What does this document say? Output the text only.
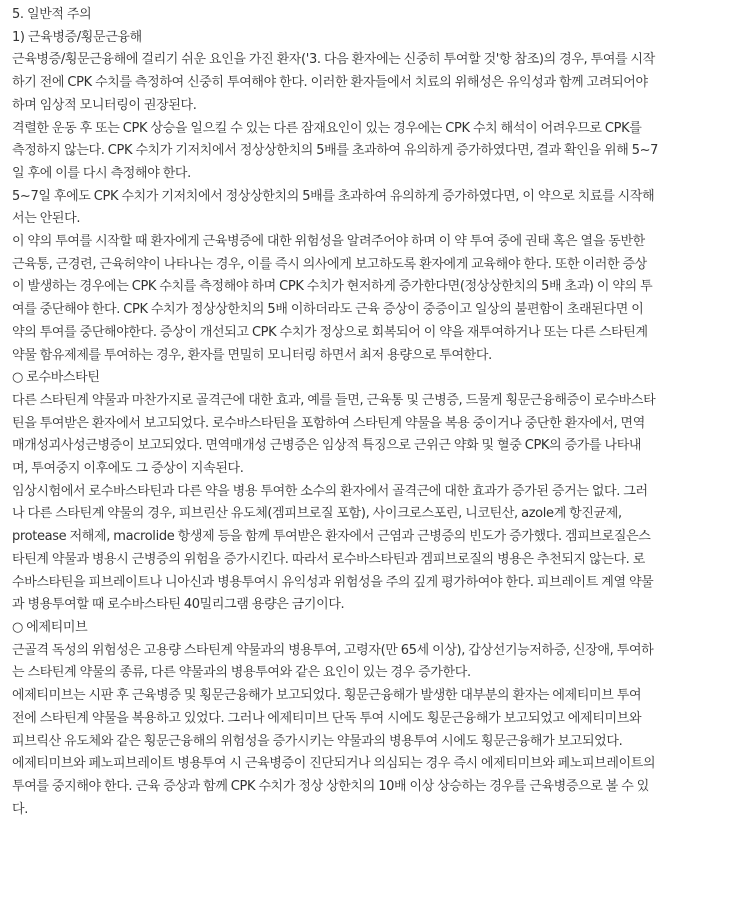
5. 일반적 주의
1) 근육병증/횡문근융해
근육병증/횡문근융해에 걸리기 쉬운 요인을 가진 환자('3. 다음 환자에는 신중히 투여할 것'항 참조)의 경우, 투여를 시작
하기 전에 CPK 수치를 측정하여 신중히 투여해야 한다. 이러한 환자들에서 치료의 위해성은 유익성과 함께 고려되어야
하며 임상적 모니터링이 권장된다.
격렬한 운동 후 또는 CPK 상승을 일으킬 수 있는 다른 잠재요인이 있는 경우에는 CPK 수치 해석이 어려우므로 CPK를
측정하지 않는다. CPK 수치가 기저치에서 정상상한치의 5배를 초과하여 유의하게 증가하였다면, 결과 확인을 위해 5~7
일 후에 이를 다시 측정해야 한다.
5~7일 후에도 CPK 수치가 기저치에서 정상상한치의 5배를 초과하여 유의하게 증가하였다면, 이 약으로 치료를 시작해
서는 안된다.
이 약의 투여를 시작할 때 환자에게 근육병증에 대한 위험성을 알려주어야 하며 이 약 투여 중에 권태 혹은 열을 동반한
근육통, 근경련, 근육허약이 나타나는 경우, 이를 즉시 의사에게 보고하도록 환자에게 교육해야 한다. 또한 이러한 증상
이 발생하는 경우에는 CPK 수치를 측정해야 하며 CPK 수치가 현저하게 증가한다면(정상상한치의 5배 초과) 이 약의 투
여를 중단해야 한다. CPK 수치가 정상상한치의 5배 이하더라도 근육 증상이 중증이고 일상의 불편함이 초래된다면 이
약의 투여를 중단해야한다. 증상이 개선되고 CPK 수치가 정상으로 회복되어 이 약을 재투여하거나 또는 다른 스타틴계
약물 함유제제를 투여하는 경우, 환자를 면밀히 모니터링 하면서 최저 용량으로 투여한다.
○ 로수바스타틴
다른 스타틴계 약물과 마찬가지로 골격근에 대한 효과, 예를 들면, 근육통 및 근병증, 드물게 횡문근융해증이 로수바스타
틴을 투여받은 환자에서 보고되었다. 로수바스타틴을 포함하여 스타틴계 약물을 복용 중이거나 중단한 환자에서, 면역
매개성괴사성근병증이 보고되었다. 면역매개성 근병증은 임상적 특징으로 근위근 약화 및 혈중 CPK의 증가를 나타내
며, 투여중지 이후에도 그 증상이 지속된다.
임상시험에서 로수바스타틴과 다른 약을 병용 투여한 소수의 환자에서 골격근에 대한 효과가 증가된 증거는 없다. 그러
나 다른 스타틴계 약물의 경우, 피브린산 유도체(겜피브로질 포함), 사이크로스포린, 니코틴산, azole계 항진균제,
protease 저해제, macrolide 항생제 등을 함께 투여받은 환자에서 근염과 근병증의 빈도가 증가했다. 겜피브로질은스
타틴계 약물과 병용시 근병증의 위험을 증가시킨다. 따라서 로수바스타틴과 겜피브로질의 병용은 추천되지 않는다. 로
수바스타틴을 피브레이트나 니아신과 병용투여시 유익성과 위험성을 주의 깊게 평가하여야 한다. 피브레이트 계열 약물
과 병용투여할 때 로수바스타틴 40밀리그램 용량은 금기이다.
○ 에제티미브
근골격 독성의 위험성은 고용량 스타틴계 약물과의 병용투여, 고령자(만 65세 이상), 갑상선기능저하증, 신장애, 투여하
는 스타틴계 약물의 종류, 다른 약물과의 병용투여와 같은 요인이 있는 경우 증가한다.
에제티미브는 시판 후 근육병증 및 횡문근융해가 보고되었다. 횡문근융해가 발생한 대부분의 환자는 에제티미브 투여
전에 스타틴계 약물을 복용하고 있었다. 그러나 에제티미브 단독 투여 시에도 횡문근융해가 보고되었고 에제티미브와
피브릭산 유도체와 같은 횡문근융해의 위험성을 증가시키는 약물과의 병용투여 시에도 횡문근융해가 보고되었다.
에제티미브와 페노피브레이트 병용투여 시 근육병증이 진단되거나 의심되는 경우 즉시 에제티미브와 페노피브레이트의
투여를 중지해야 한다. 근육 증상과 함께 CPK 수치가 정상 상한치의 10배 이상 상승하는 경우를 근육병증으로 볼 수 있
다.
